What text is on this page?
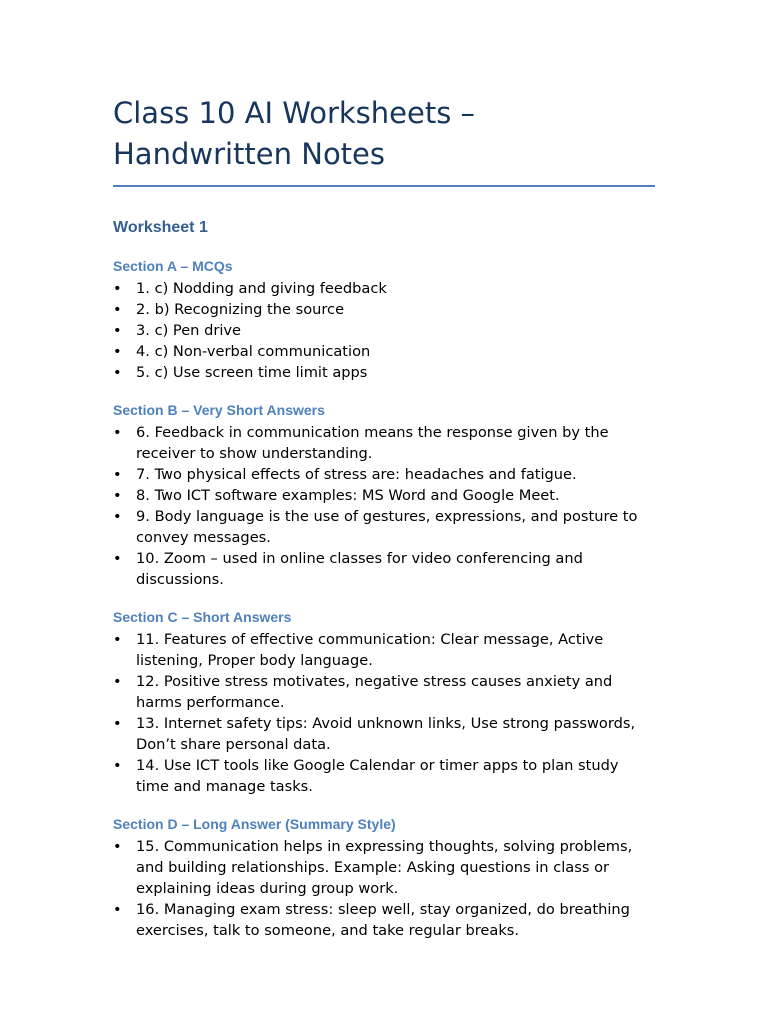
Class 10 AI Worksheets – Handwritten Notes
Worksheet 1
Section A – MCQs
• 1. c) Nodding and giving feedback
• 2. b) Recognizing the source
• 3. c) Pen drive
• 4. c) Non-verbal communication
• 5. c) Use screen time limit apps
Section B – Very Short Answers
• 6. Feedback in communication means the response given by the receiver to show understanding.
• 7. Two physical effects of stress are: headaches and fatigue.
• 8. Two ICT software examples: MS Word and Google Meet.
• 9. Body language is the use of gestures, expressions, and posture to convey messages.
• 10. Zoom – used in online classes for video conferencing and discussions.
Section C – Short Answers
• 11. Features of effective communication: Clear message, Active listening, Proper body language.
• 12. Positive stress motivates, negative stress causes anxiety and harms performance.
• 13. Internet safety tips: Avoid unknown links, Use strong passwords, Don’t share personal data.
• 14. Use ICT tools like Google Calendar or timer apps to plan study time and manage tasks.
Section D – Long Answer (Summary Style)
• 15. Communication helps in expressing thoughts, solving problems, and building relationships. Example: Asking questions in class or explaining ideas during group work.
• 16. Managing exam stress: sleep well, stay organized, do breathing exercises, talk to someone, and take regular breaks.
